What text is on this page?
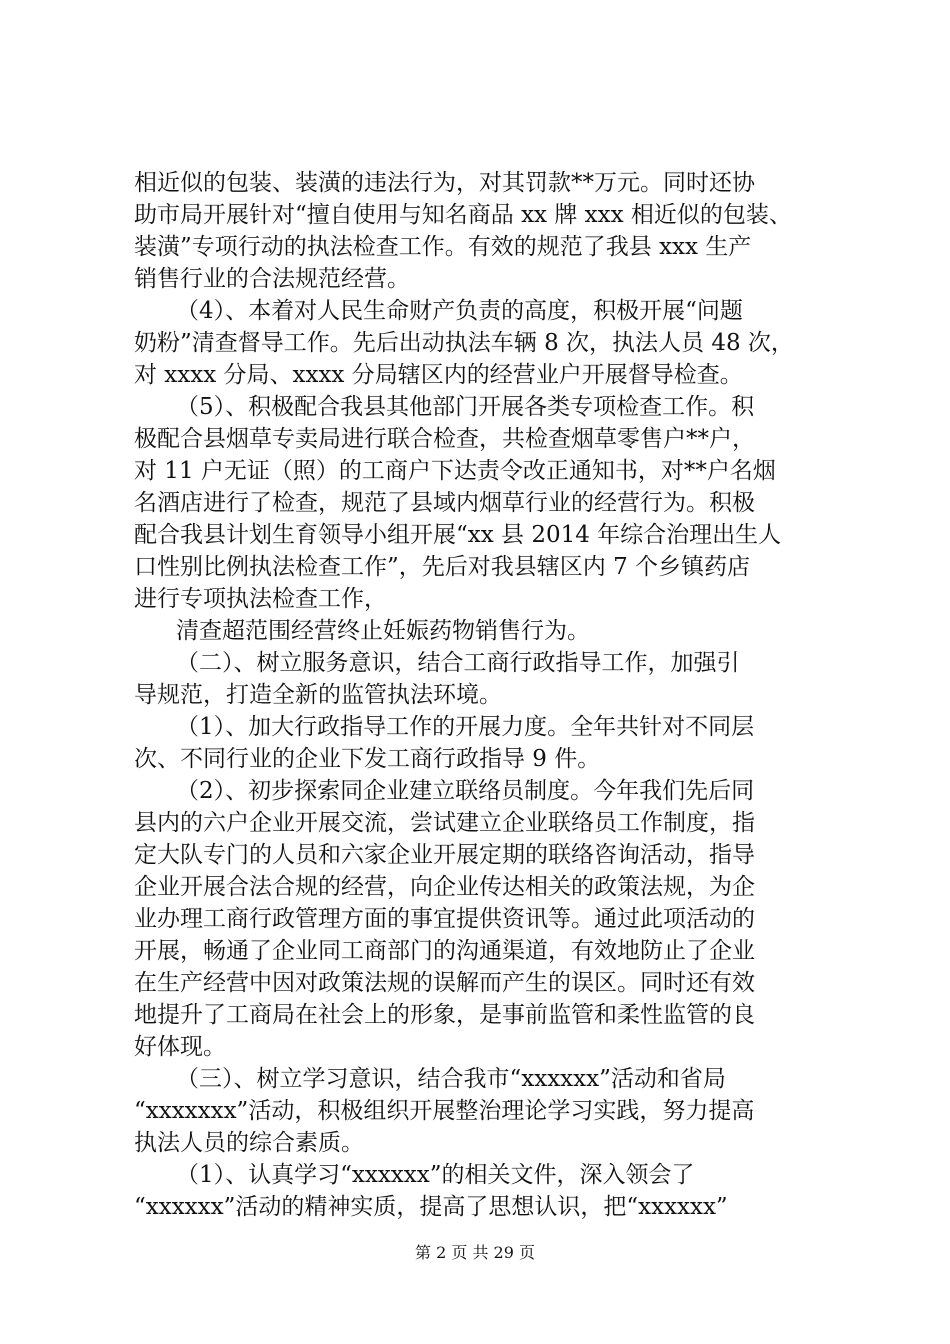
相近似的包装、装潢的违法行为，对其罚款**万元。同时还协
助市局开展针对“擅自使用与知名商品 xx 牌 xxx 相近似的包装、
装潢”专项行动的执法检查工作。有效的规范了我县 xxx 生产
销售行业的合法规范经营。
（4）、本着对人民生命财产负责的高度，积极开展“问题
奶粉”清查督导工作。先后出动执法车辆 8 次，执法人员 48 次，
对 xxxx 分局、xxxx 分局辖区内的经营业户开展督导检查。
（5）、积极配合我县其他部门开展各类专项检查工作。积
极配合县烟草专卖局进行联合检查，共检查烟草零售户**户，
对 11 户无证（照）的工商户下达责令改正通知书，对**户名烟
名酒店进行了检查，规范了县域内烟草行业的经营行为。积极
配合我县计划生育领导小组开展“xx 县 2014 年综合治理出生人
口性别比例执法检查工作”，先后对我县辖区内 7 个乡镇药店
进行专项执法检查工作，
清查超范围经营终止妊娠药物销售行为。
（二）、树立服务意识，结合工商行政指导工作，加强引
导规范，打造全新的监管执法环境。
（1）、加大行政指导工作的开展力度。全年共针对不同层
次、不同行业的企业下发工商行政指导 9 件。
（2）、初步探索同企业建立联络员制度。今年我们先后同
县内的六户企业开展交流，尝试建立企业联络员工作制度，指
定大队专门的人员和六家企业开展定期的联络咨询活动，指导
企业开展合法合规的经营，向企业传达相关的政策法规，为企
业办理工商行政管理方面的事宜提供资讯等。通过此项活动的
开展，畅通了企业同工商部门的沟通渠道，有效地防止了企业
在生产经营中因对政策法规的误解而产生的误区。同时还有效
地提升了工商局在社会上的形象，是事前监管和柔性监管的良
好体现。
（三）、树立学习意识，结合我市“xxxxxx”活动和省局
“xxxxxxx”活动，积极组织开展整治理论学习实践，努力提高
执法人员的综合素质。
（1）、认真学习“xxxxxx”的相关文件，深入领会了
“xxxxxx”活动的精神实质，提高了思想认识，把“xxxxxx”
第 2 页 共 29 页
